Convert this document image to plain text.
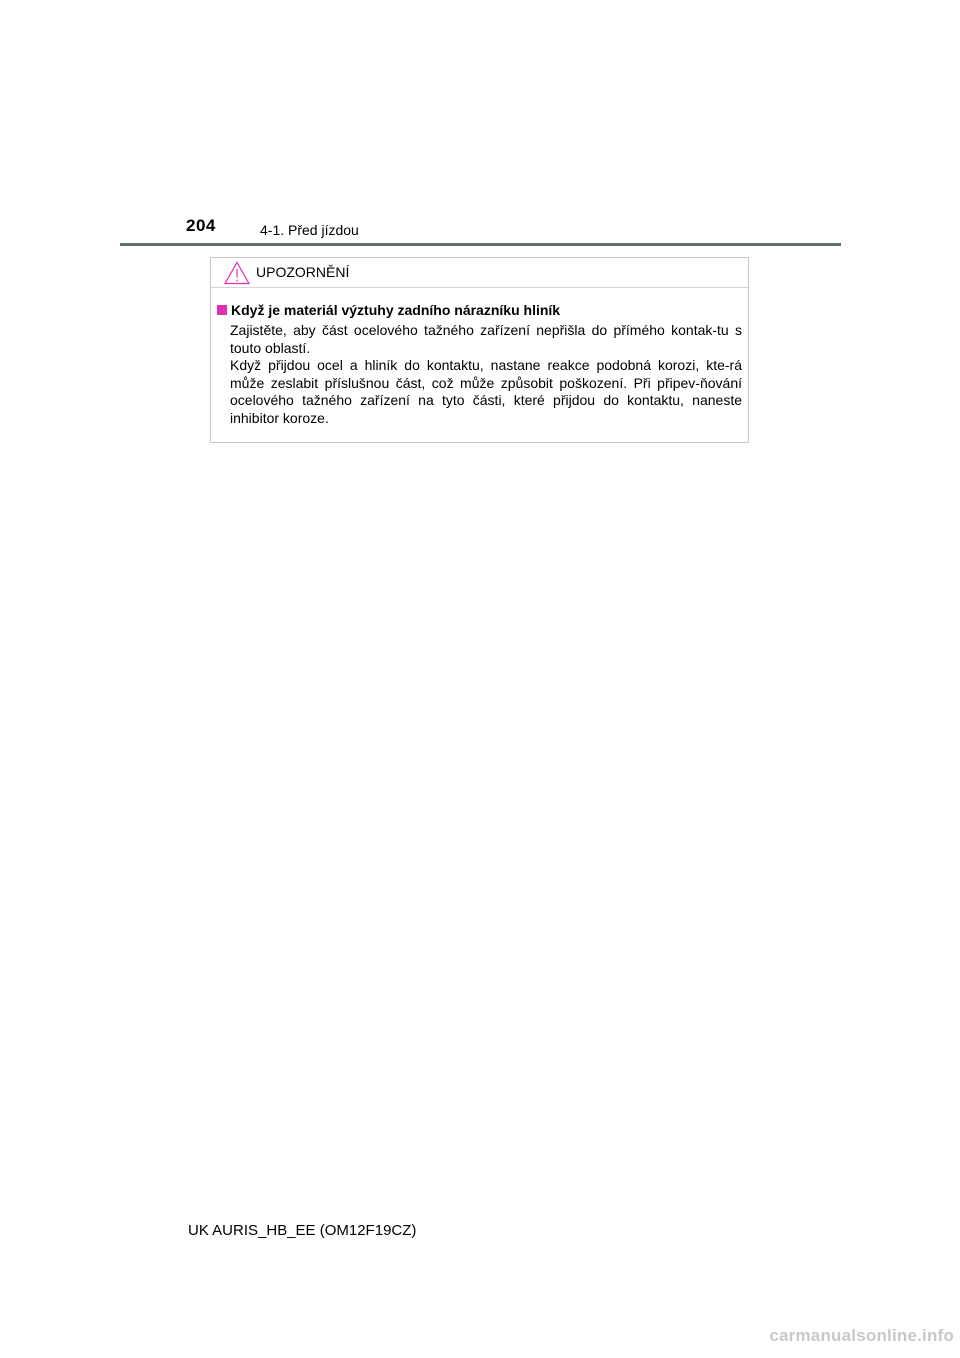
204	4-1. Před jízdou
UPOZORNĚNÍ
Když je materiál výztuhy zadního nárazníku hliník

Zajistěte, aby část ocelového tažného zařízení nepřišla do přímého kontak-tu s touto oblastí.

Když přijdou ocel a hliník do kontaktu, nastane reakce podobná korozi, kte-rá může zeslabit příslušnou část, což může způsobit poškození. Při připev-ňování ocelového tažného zařízení na tyto části, které přijdou do kontaktu, naneste inhibitor koroze.

UK AURIS_HB_EE (OM12F19CZ)
carmanualsonline.info
